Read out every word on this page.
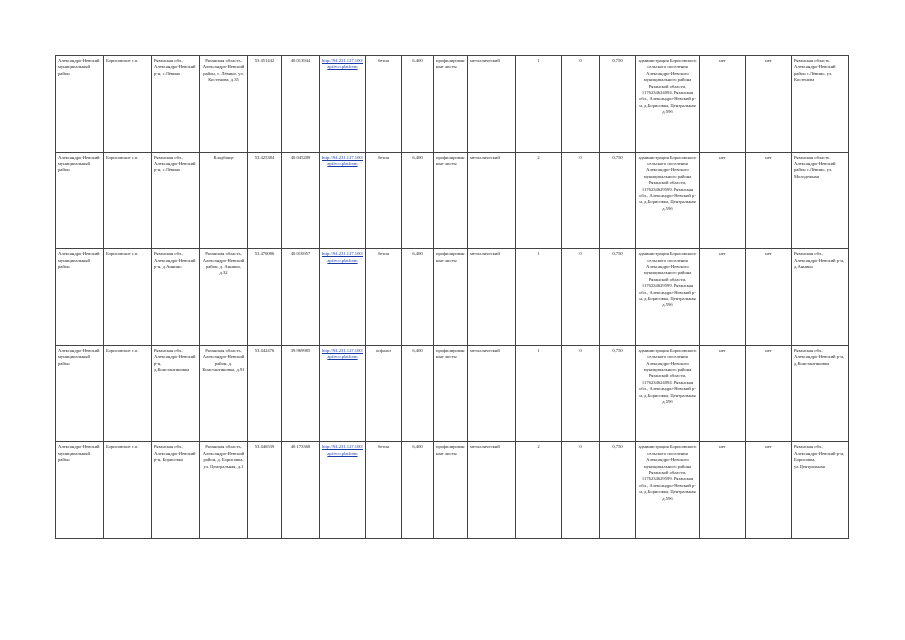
Александро-Невский муниципальный район	Борисовское с.п.	Рязанская обл., Александро-Невский р-н, с.Лёвино	Рязанская область, Александро-Невский район, с. Лёвино, ул. Костенова, д.35	53.451442	40.013944	http://94.231.127.100/api/eco.platform	бетон	6,400	профилированные листы	металлический	1	0	0,750	администрация Борисовского сельского поселения Александро-Невского муниципального района Рязанской области, 1176234624094. Рязанская обл., Александро-Невский р-н, д.Борисовка, Центральная д.59б	нет	нет	Рязанская область Александро-Невский район с.Лёвино, ул. Костенова
Александро-Невский муниципальный район	Борисовское с.п.	Рязанская обл., Александро-Невский р-н, с.Лёвино	Кладбище	53.425384	40.045289	http://94.231.127.100/api/eco.platform	бетон	6,400	профилированные листы	металлический	2	0	0,750	администрация Борисовского сельского поселения Александро-Невского муниципального района Рязанской области, 1176234629599. Рязанская обл., Александро-Невский р-н, д.Борисовка, Центральная д.59б	нет	нет	Рязанская область Александро-Невский район с.Лёвино, ул. Молодежная
Александро-Невский муниципальный район	Борисовское с.п.	Рязанская обл., Александро-Невский р-н, д.Аннино	Рязанская область, Александро-Невский район, д. Аннино, д.32	53.476086	40.016957	http://94.231.127.100/api/eco.platform	бетон	6,400	профилированные листы	металлический	1	0	0,750	администрация Борисовского сельского поселения Александро-Невского муниципального района Рязанской области, 1176234629599. Рязанская обл., Александро-Невский р-н, д.Борисовка, Центральная д.59б	нет	нет	Рязанская обл., Александро-Невский р-н, д.Аннино
Александро-Невский муниципальный район	Борисовское с.п.	Рязанская обл., Александро-Невский р-н, д.Константиновка	Рязанская область, Александро-Невский район, д. Константиновка, д.91	53.442476	39.969985	http://94.231.127.100/api/eco.platform	асфальт	6,400	профилированные листы	металлический	1	0	0,750	администрация Борисовского сельского поселения Александро-Невского муниципального района Рязанской области, 1176234624094. Рязанская обл., Александро-Невский р-н, д.Борисовка, Центральная д.59б	нет	нет	Рязанская обл., Александро-Невский р-н, д.Константиновка
Александро-Невский муниципальный район	Борисовское с.п.	Рязанская обл., Александро-Невский р-н, Борисовка	Рязанская область, Александро-Невский район, д. Борисовка, ул. Центральная, д.1	53.446539	40.173368	http://94.231.127.100/api/eco.platform	бетон	6,400	профилированные листы	металлический	2	0	0,750	администрация Борисовского сельского поселения Александро-Невского муниципального района Рязанской области, 1176234629599. Рязанская обл., Александро-Невский р-н, д.Борисовка, Центральная д.59б	нет	нет	Рязанская обл., Александро-Невский р-н, Борисовка, ул.Центральная
